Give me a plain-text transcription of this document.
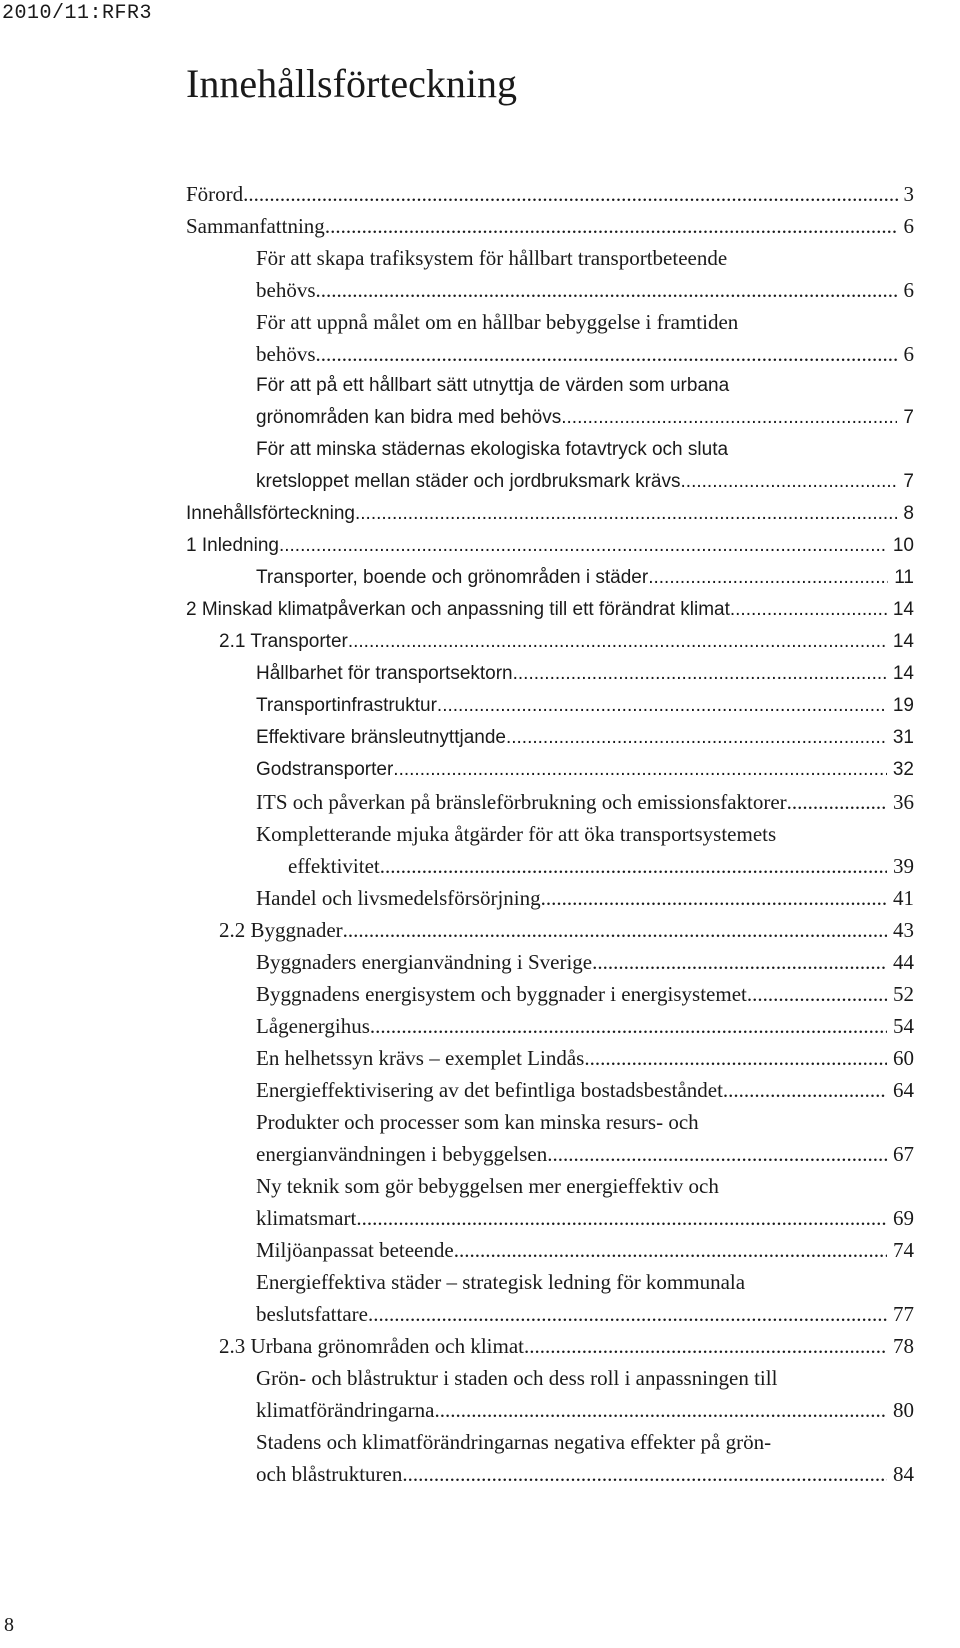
2010/11:RFR3
Innehållsförteckning
Förord .....	3
Sammanfattning .....	6
För att skapa trafiksystem för hållbart transportbeteende
behövs .....	6
För att uppnå målet om en hållbar bebyggelse i framtiden
behövs .....	6
För att på ett hållbart sätt utnyttja de värden som urbana
grönområden kan bidra med behövs .....	7
För att minska städernas ekologiska fotavtryck och sluta
kretsloppet mellan städer och jordbruksmark krävs .....	7
Innehållsförteckning .....	8
1 Inledning .....	10
Transporter, boende och grönområden i städer .....	11
2 Minskad klimatpåverkan och anpassning till ett förändrat klimat .....	14
2.1 Transporter .....	14
Hållbarhet för transportsektorn .....	14
Transportinfrastruktur .....	19
Effektivare bränsleutnyttjande .....	31
Godstransporter .....	32
ITS och påverkan på bränsleförbrukning och emissionsfaktorer .....	36
Kompletterande mjuka åtgärder för att öka transportsystemets
effektivitet .....	39
Handel och livsmedelsförsörjning .....	41
2.2 Byggnader .....	43
Byggnaders energianvändning i Sverige .....	44
Byggnadens energisystem och byggnader i energisystemet .....	52
Lågenergihus .....	54
En helhetssyn krävs – exemplet Lindås .....	60
Energieffektivisering av det befintliga bostadsbeståndet .....	64
Produkter och processer som kan minska resurs- och
energianvändningen i bebyggelsen .....	67
Ny teknik som gör bebyggelsen mer energieffektiv och
klimatsmart .....	69
Miljöanpassat beteende .....	74
Energieffektiva städer – strategisk ledning för kommunala
beslutsfattare .....	77
2.3 Urbana grönområden och klimat .....	78
Grön- och blåstruktur i staden och dess roll i anpassningen till
klimatförändringarna .....	80
Stadens och klimatförändringarnas negativa effekter på grön-
och blåstrukturen .....	84
8
